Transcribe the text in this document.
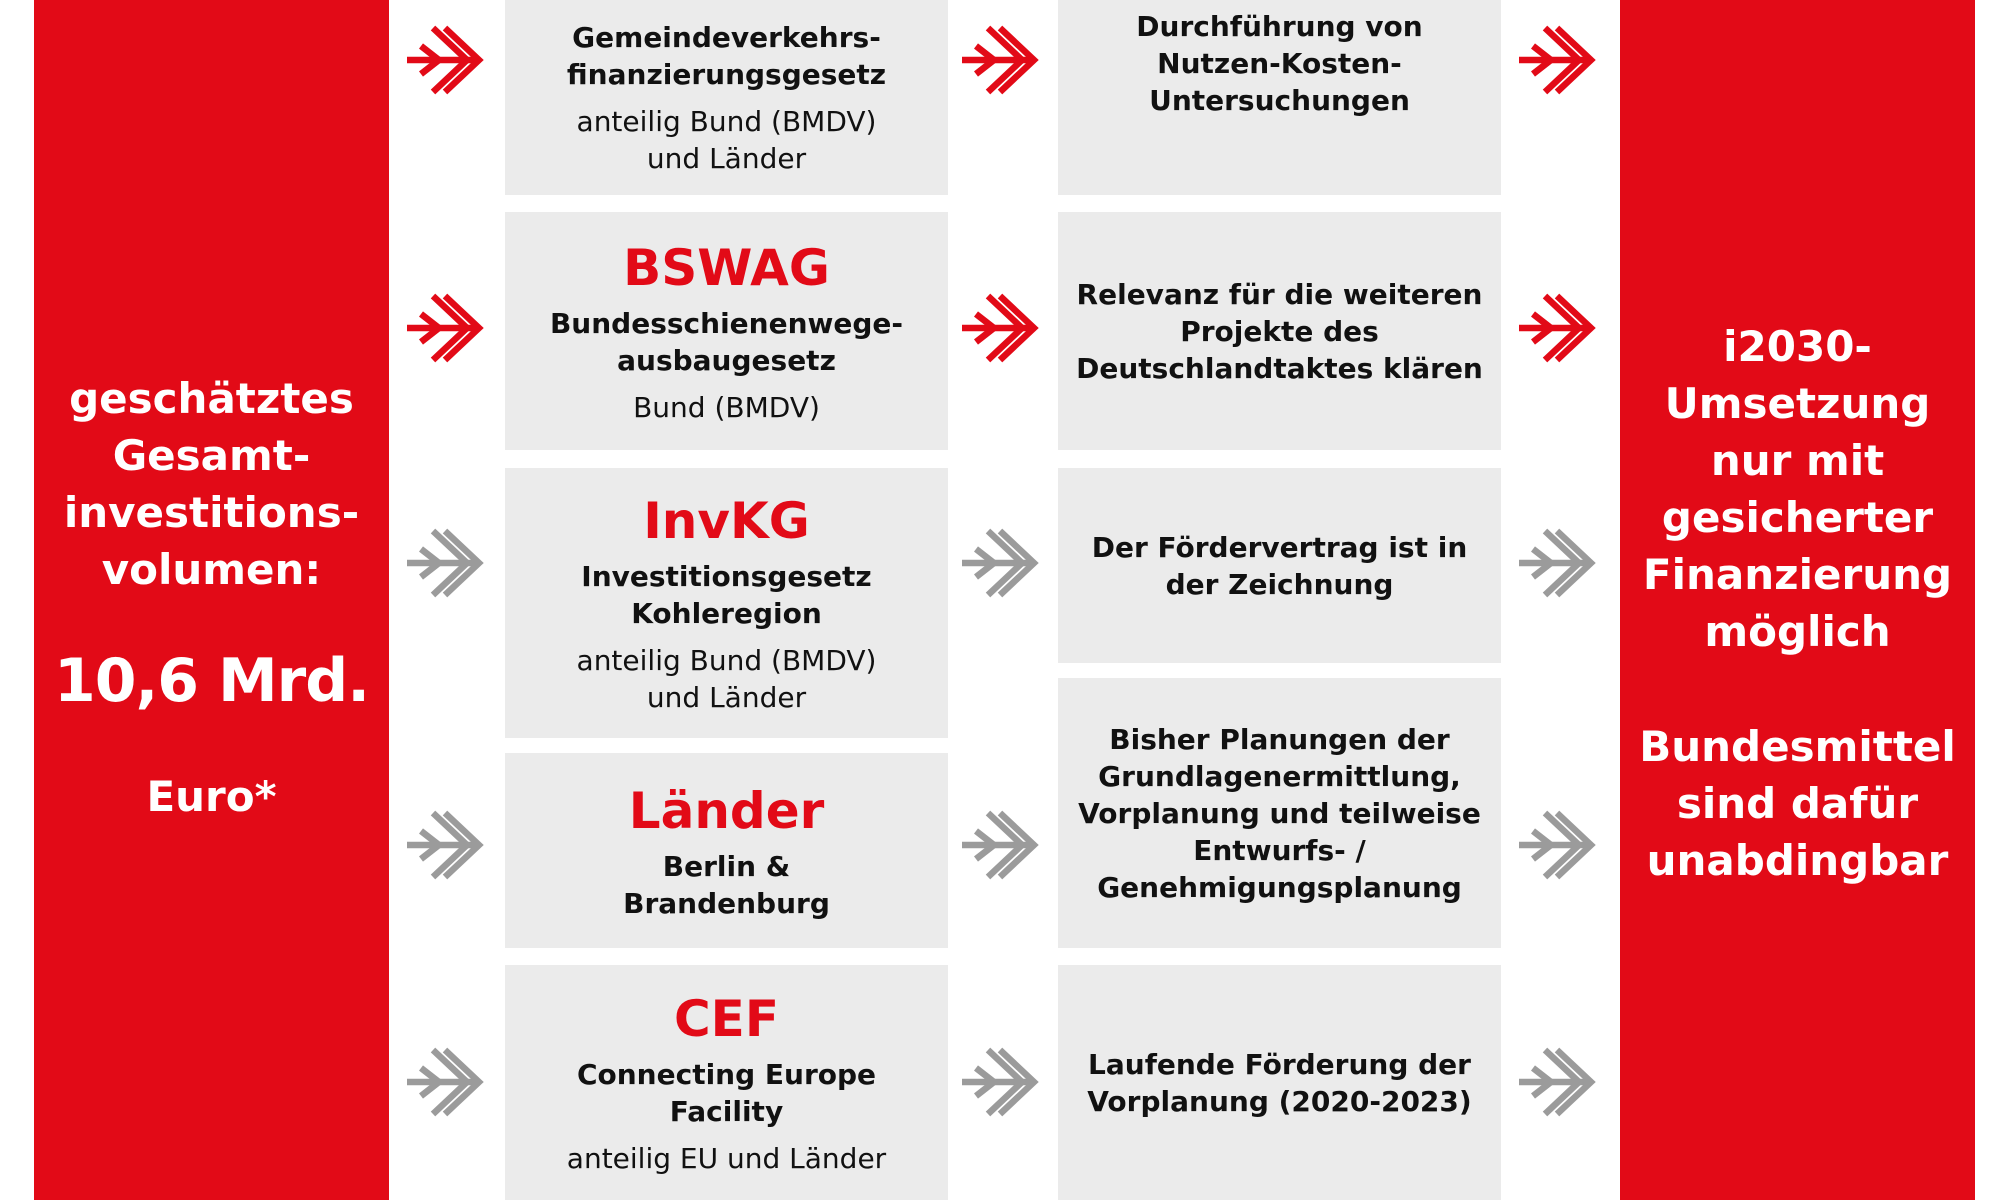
geschätztes
Gesamt-
investitions-
volumen:
10,6 Mrd.
Euro*
i2030-
Umsetzung
nur mit
gesicherter
Finanzierung
möglich
Bundesmittel
sind dafür
unabdingbar
Gemeindeverkehrs-
finanzierungsgesetz
anteilig Bund (BMDV)
und Länder
BSWAG
Bundesschienenwege-
ausbaugesetz
Bund (BMDV)
InvKG
Investitionsgesetz
Kohleregion
anteilig Bund (BMDV)
und Länder
Länder
Berlin &
Brandenburg
CEF
Connecting Europe
Facility
anteilig EU und Länder
Durchführung von
Nutzen-Kosten-
Untersuchungen
Relevanz für die weiteren
Projekte des
Deutschlandtaktes klären
Der Fördervertrag ist in
der Zeichnung
Bisher Planungen der
Grundlagenermittlung,
Vorplanung und teilweise
Entwurfs- /
Genehmigungsplanung
Laufende Förderung der
Vorplanung (2020-2023)
